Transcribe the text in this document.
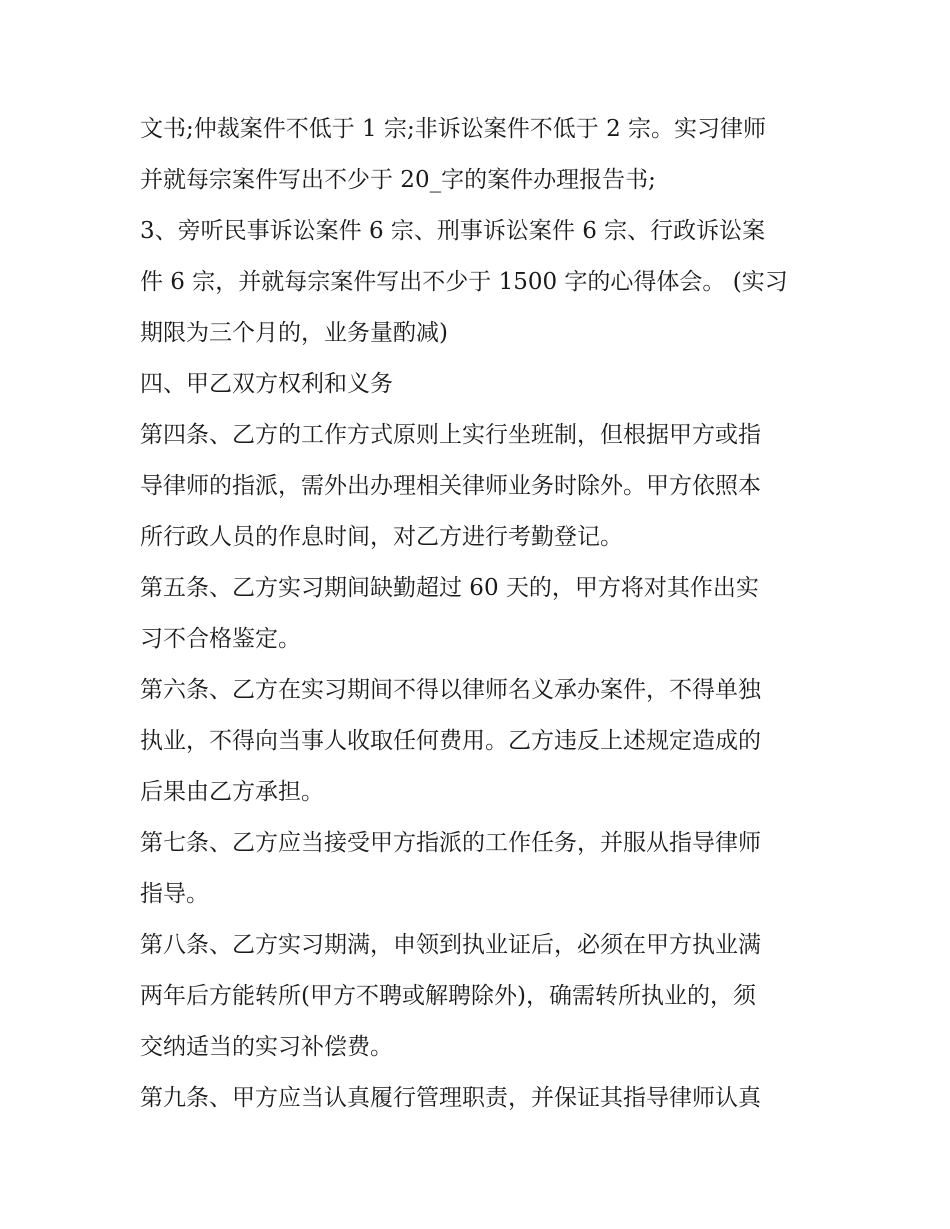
文书;仲裁案件不低于 1 宗;非诉讼案件不低于 2 宗。实习律师

并就每宗案件写出不少于 20_字的案件办理报告书;

3、旁听民事诉讼案件 6 宗、刑事诉讼案件 6 宗、行政诉讼案

件 6 宗，并就每宗案件写出不少于 1500 字的心得体会。 (实习

期限为三个月的，业务量酌减)

四、甲乙双方权利和义务

第四条、乙方的工作方式原则上实行坐班制，但根据甲方或指

导律师的指派，需外出办理相关律师业务时除外。甲方依照本

所行政人员的作息时间，对乙方进行考勤登记。

第五条、乙方实习期间缺勤超过 60 天的，甲方将对其作出实

习不合格鉴定。

第六条、乙方在实习期间不得以律师名义承办案件，不得单独

执业，不得向当事人收取任何费用。乙方违反上述规定造成的

后果由乙方承担。

第七条、乙方应当接受甲方指派的工作任务，并服从指导律师

指导。

第八条、乙方实习期满，申领到执业证后，必须在甲方执业满

两年后方能转所(甲方不聘或解聘除外)，确需转所执业的，须

交纳适当的实习补偿费。

第九条、甲方应当认真履行管理职责，并保证其指导律师认真
